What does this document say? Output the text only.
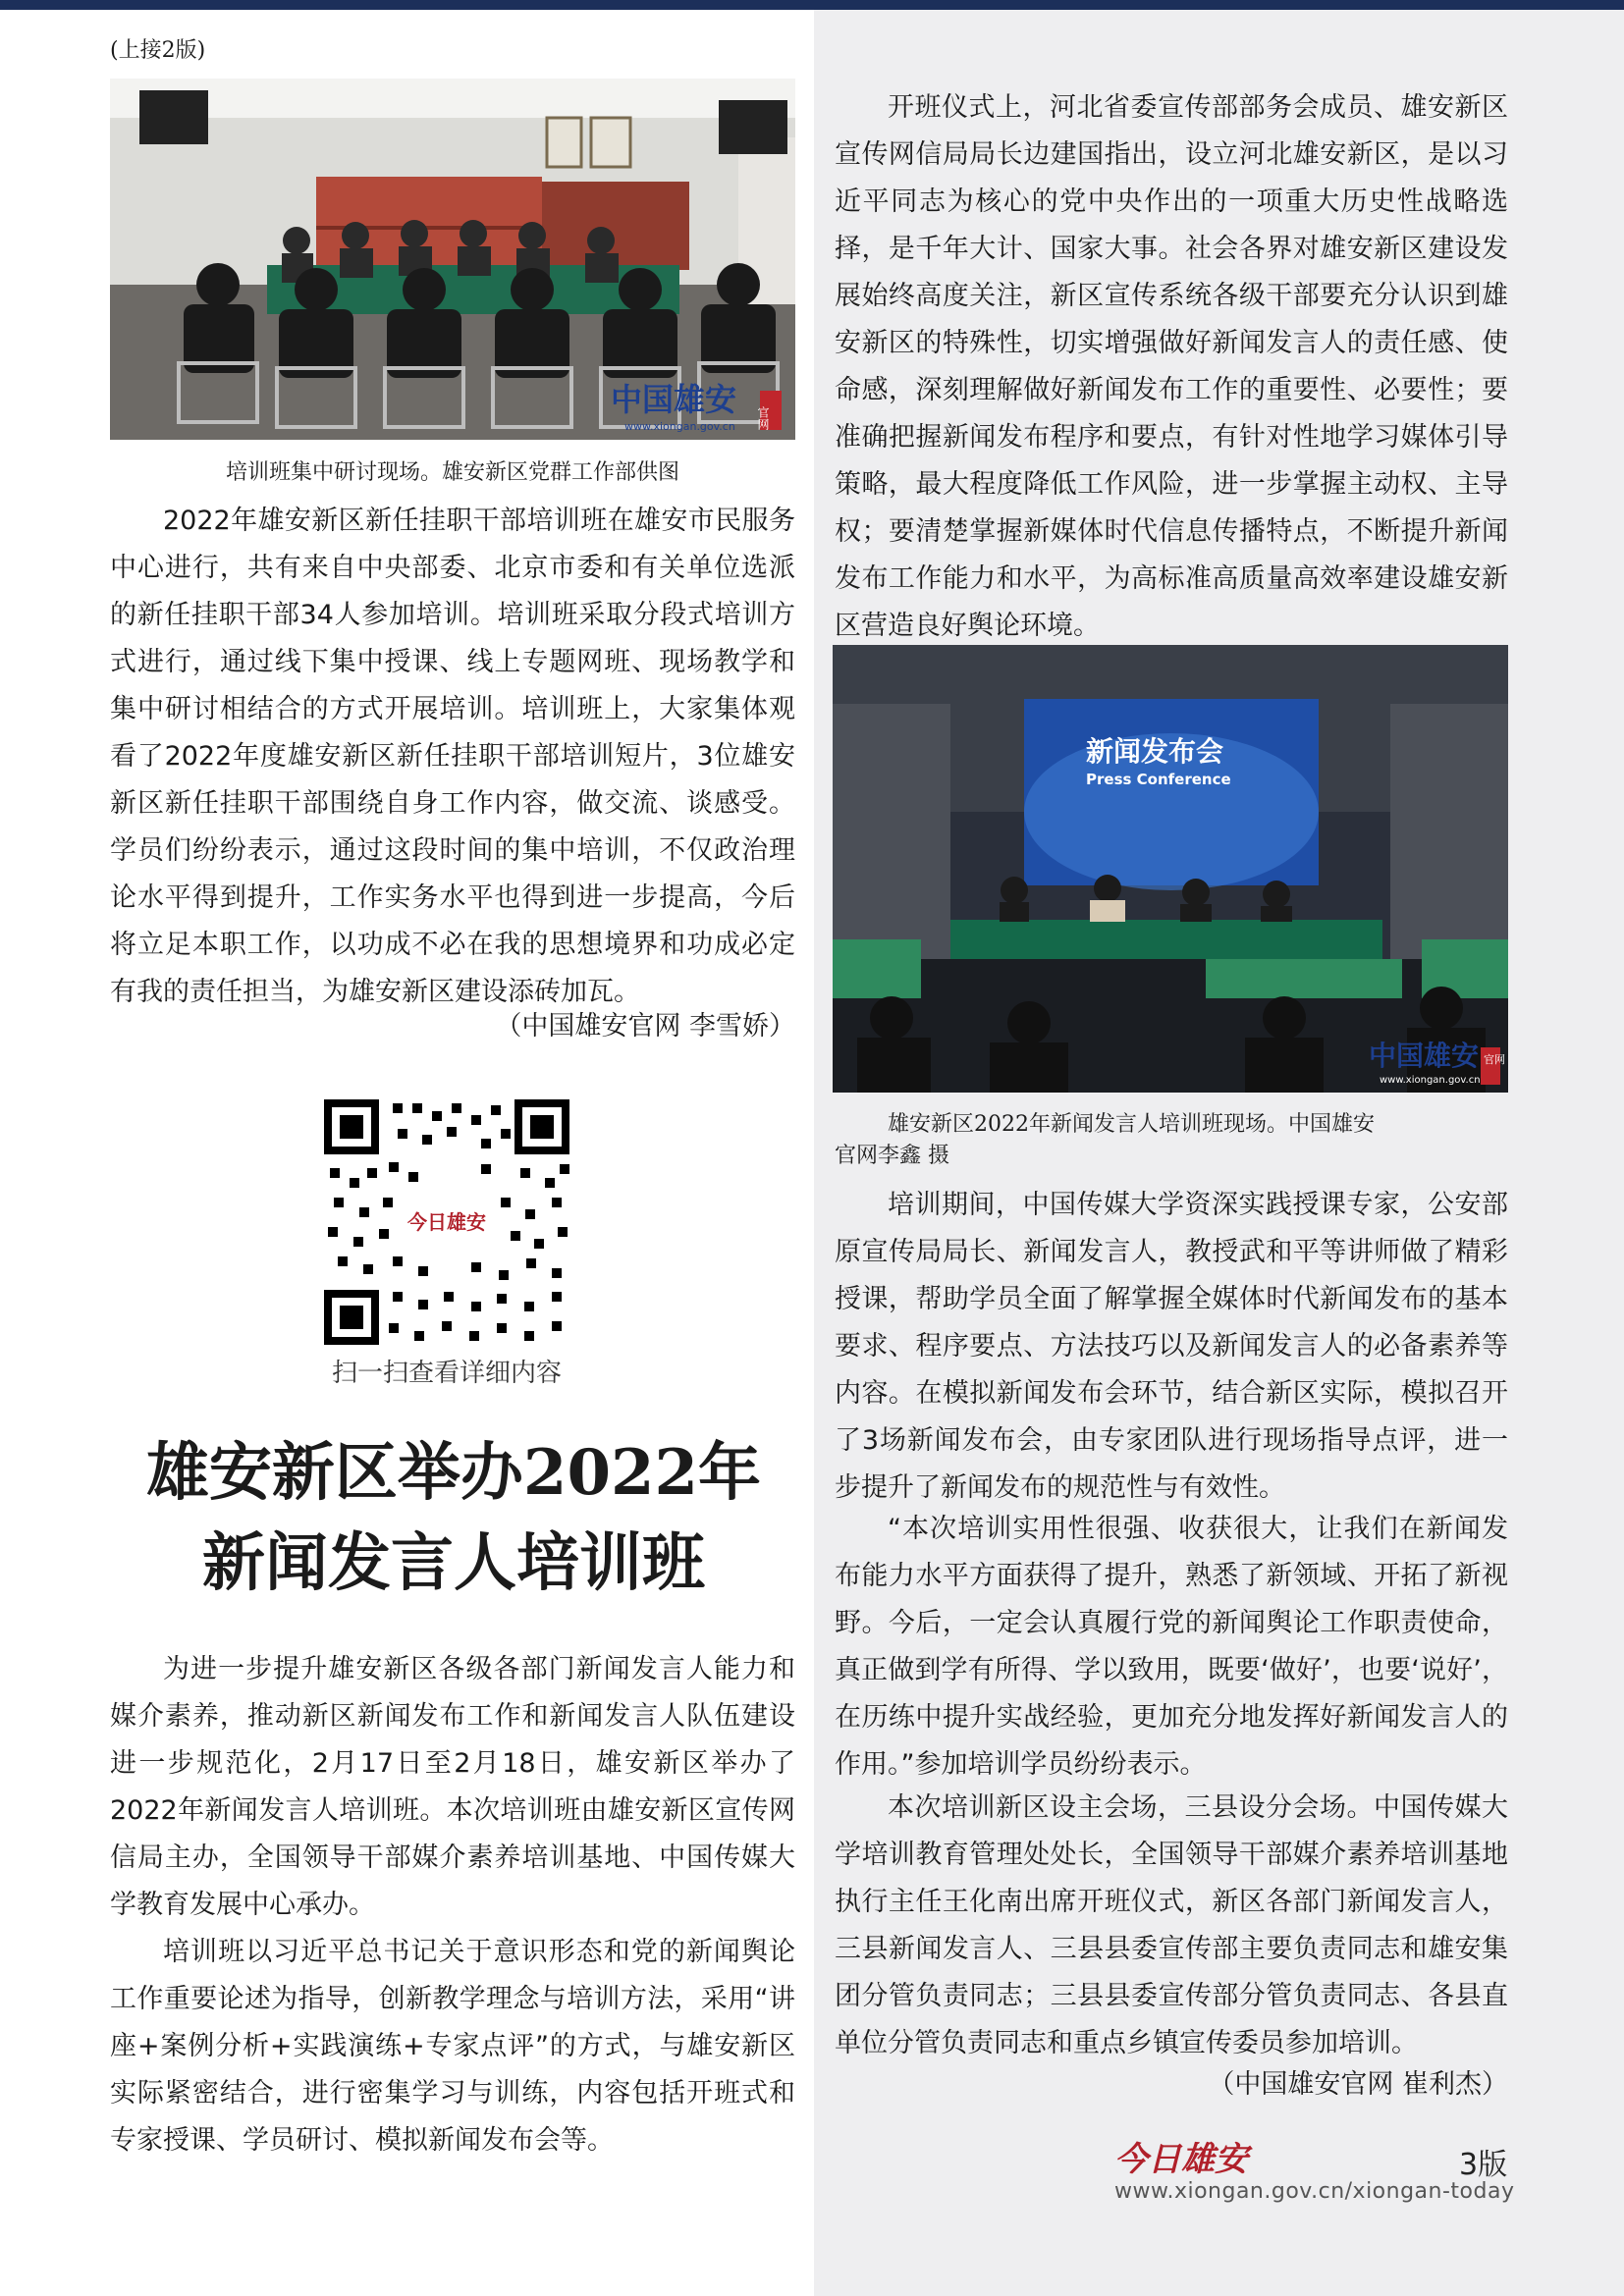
(上接2版)
中国雄安
www.xiongan.gov.cn 官网

培训班集中研讨现场。雄安新区党群工作部供图

2022年雄安新区新任挂职干部培训班在雄安市民服务中心进行，共有来自中央部委、北京市委和有关单位选派的新任挂职干部34人参加培训。培训班采取分段式培训方式进行，通过线下集中授课、线上专题网班、现场教学和集中研讨相结合的方式开展培训。培训班上，大家集体观看了2022年度雄安新区新任挂职干部培训短片，3位雄安新区新任挂职干部围绕自身工作内容，做交流、谈感受。学员们纷纷表示，通过这段时间的集中培训，不仅政治理论水平得到提升，工作实务水平也得到进一步提高，今后将立足本职工作，以功成不必在我的思想境界和功成必定有我的责任担当，为雄安新区建设添砖加瓦。

（中国雄安官网 李雪娇）

今日雄安
扫一扫查看详细内容
雄安新区举办2022年
新闻发言人培训班

为进一步提升雄安新区各级各部门新闻发言人能力和媒介素养，推动新区新闻发布工作和新闻发言人队伍建设进一步规范化，2月17日至2月18日，雄安新区举办了2022年新闻发言人培训班。本次培训班由雄安新区宣传网信局主办，全国领导干部媒介素养培训基地、中国传媒大学教育发展中心承办。

培训班以习近平总书记关于意识形态和党的新闻舆论工作重要论述为指导，创新教学理念与培训方法，采用“讲座+案例分析+实践演练+专家点评”的方式，与雄安新区实际紧密结合，进行密集学习与训练，内容包括开班式和专家授课、学员研讨、模拟新闻发布会等。

开班仪式上，河北省委宣传部部务会成员、雄安新区宣传网信局局长边建国指出，设立河北雄安新区，是以习近平同志为核心的党中央作出的一项重大历史性战略选择，是千年大计、国家大事。社会各界对雄安新区建设发展始终高度关注，新区宣传系统各级干部要充分认识到雄安新区的特殊性，切实增强做好新闻发言人的责任感、使命感，深刻理解做好新闻发布工作的重要性、必要性；要准确把握新闻发布程序和要点，有针对性地学习媒体引导策略，最大程度降低工作风险，进一步掌握主动权、主导权；要清楚掌握新媒体时代信息传播特点，不断提升新闻发布工作能力和水平，为高标准高质量高效率建设雄安新区营造良好舆论环境。

新闻发布会
Press Conference
中国雄安
www.xiongan.gov.cn
官网

雄安新区2022年新闻发言人培训班现场。中国雄安

官网李鑫 摄

培训期间，中国传媒大学资深实践授课专家，公安部原宣传局局长、新闻发言人，教授武和平等讲师做了精彩授课，帮助学员全面了解掌握全媒体时代新闻发布的基本要求、程序要点、方法技巧以及新闻发言人的必备素养等内容。在模拟新闻发布会环节，结合新区实际，模拟召开了3场新闻发布会，由专家团队进行现场指导点评，进一步提升了新闻发布的规范性与有效性。

“本次培训实用性很强、收获很大，让我们在新闻发布能力水平方面获得了提升，熟悉了新领域、开拓了新视野。今后，一定会认真履行党的新闻舆论工作职责使命，真正做到学有所得、学以致用，既要‘做好’，也要‘说好’，在历练中提升实战经验，更加充分地发挥好新闻发言人的作用。”参加培训学员纷纷表示。

本次培训新区设主会场，三县设分会场。中国传媒大学培训教育管理处处长，全国领导干部媒介素养培训基地执行主任王化南出席开班仪式，新区各部门新闻发言人，三县新闻发言人、三县县委宣传部主要负责同志和雄安集团分管负责同志；三县县委宣传部分管负责同志、各县直单位分管负责同志和重点乡镇宣传委员参加培训。

（中国雄安官网 崔利杰）

今日雄安	3版
www.xiongan.gov.cn/xiongan-today
